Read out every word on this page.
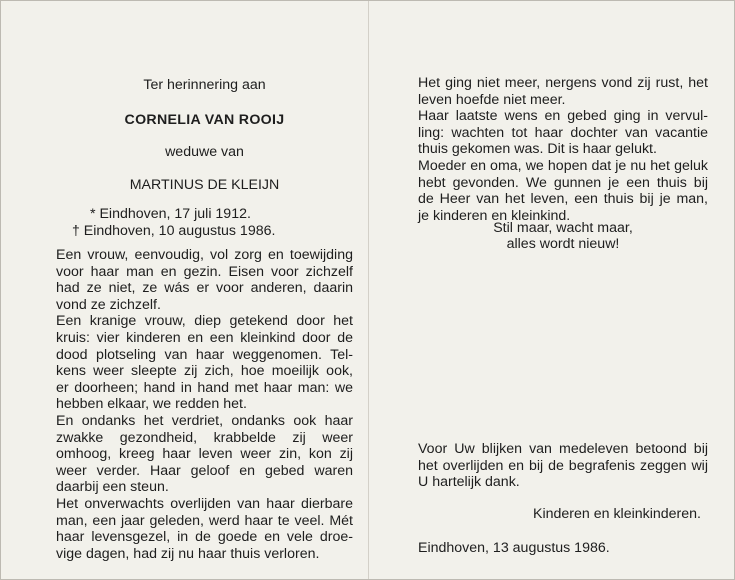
Ter herinnering aan
CORNELIA VAN ROOIJ
weduwe van
MARTINUS DE KLEIJN
* Eindhoven, 17 juli 1912.
† Eindhoven, 10 augustus 1986.
Een vrouw, eenvoudig, vol zorg en toewijding
voor haar man en gezin. Eisen voor zichzelf
had ze niet, ze wás er voor anderen, daarin
vond ze zichzelf.
Een kranige vrouw, diep getekend door het
kruis: vier kinderen en een kleinkind door de
dood plotseling van haar weggenomen. Tel-
kens weer sleepte zij zich, hoe moeilijk ook,
er doorheen; hand in hand met haar man: we
hebben elkaar, we redden het.
En ondanks het verdriet, ondanks ook haar
zwakke gezondheid, krabbelde zij weer
omhoog, kreeg haar leven weer zin, kon zij
weer verder. Haar geloof en gebed waren
daarbij een steun.
Het onverwachts overlijden van haar dierbare
man, een jaar geleden, werd haar te veel. Mét
haar levensgezel, in de goede en vele droe-
vige dagen, had zij nu haar thuis verloren.
Het ging niet meer, nergens vond zij rust, het
leven hoefde niet meer.
Haar laatste wens en gebed ging in vervul-
ling: wachten tot haar dochter van vacantie
thuis gekomen was. Dit is haar gelukt.
Moeder en oma, we hopen dat je nu het geluk
hebt gevonden. We gunnen je een thuis bij
de Heer van het leven, een thuis bij je man,
je kinderen en kleinkind.
Stil maar, wacht maar,
alles wordt nieuw!
Voor Uw blijken van medeleven betoond bij
het overlijden en bij de begrafenis zeggen wij
U hartelijk dank.
Kinderen en kleinkinderen.
Eindhoven, 13 augustus 1986.
